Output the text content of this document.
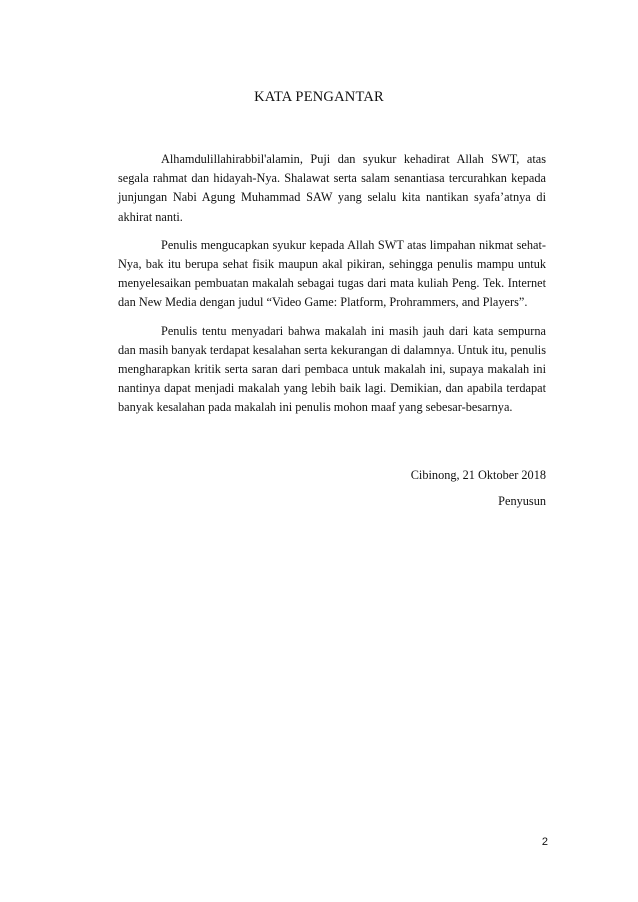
KATA PENGANTAR

Alhamdulillahirabbil'alamin, Puji dan syukur kehadirat Allah SWT, atas segala rahmat dan hidayah-Nya. Shalawat serta salam senantiasa tercurahkan kepada junjungan Nabi Agung Muhammad SAW yang selalu kita nantikan syafa’atnya di akhirat nanti.

Penulis mengucapkan syukur kepada Allah SWT atas limpahan nikmat sehat-Nya, bak itu berupa sehat fisik maupun akal pikiran, sehingga penulis mampu untuk menyelesaikan pembuatan makalah sebagai tugas dari mata kuliah Peng. Tek. Internet dan New Media dengan judul “Video Game: Platform, Prohrammers, and Players”.

Penulis tentu menyadari bahwa makalah ini masih jauh dari kata sempurna dan masih banyak terdapat kesalahan serta kekurangan di dalamnya. Untuk itu, penulis mengharapkan kritik serta saran dari pembaca untuk makalah ini, supaya makalah ini nantinya dapat menjadi makalah yang lebih baik lagi. Demikian, dan apabila terdapat banyak kesalahan pada makalah ini penulis mohon maaf yang sebesar-besarnya.

Cibinong, 21 Oktober 2018
Penyusun
2
